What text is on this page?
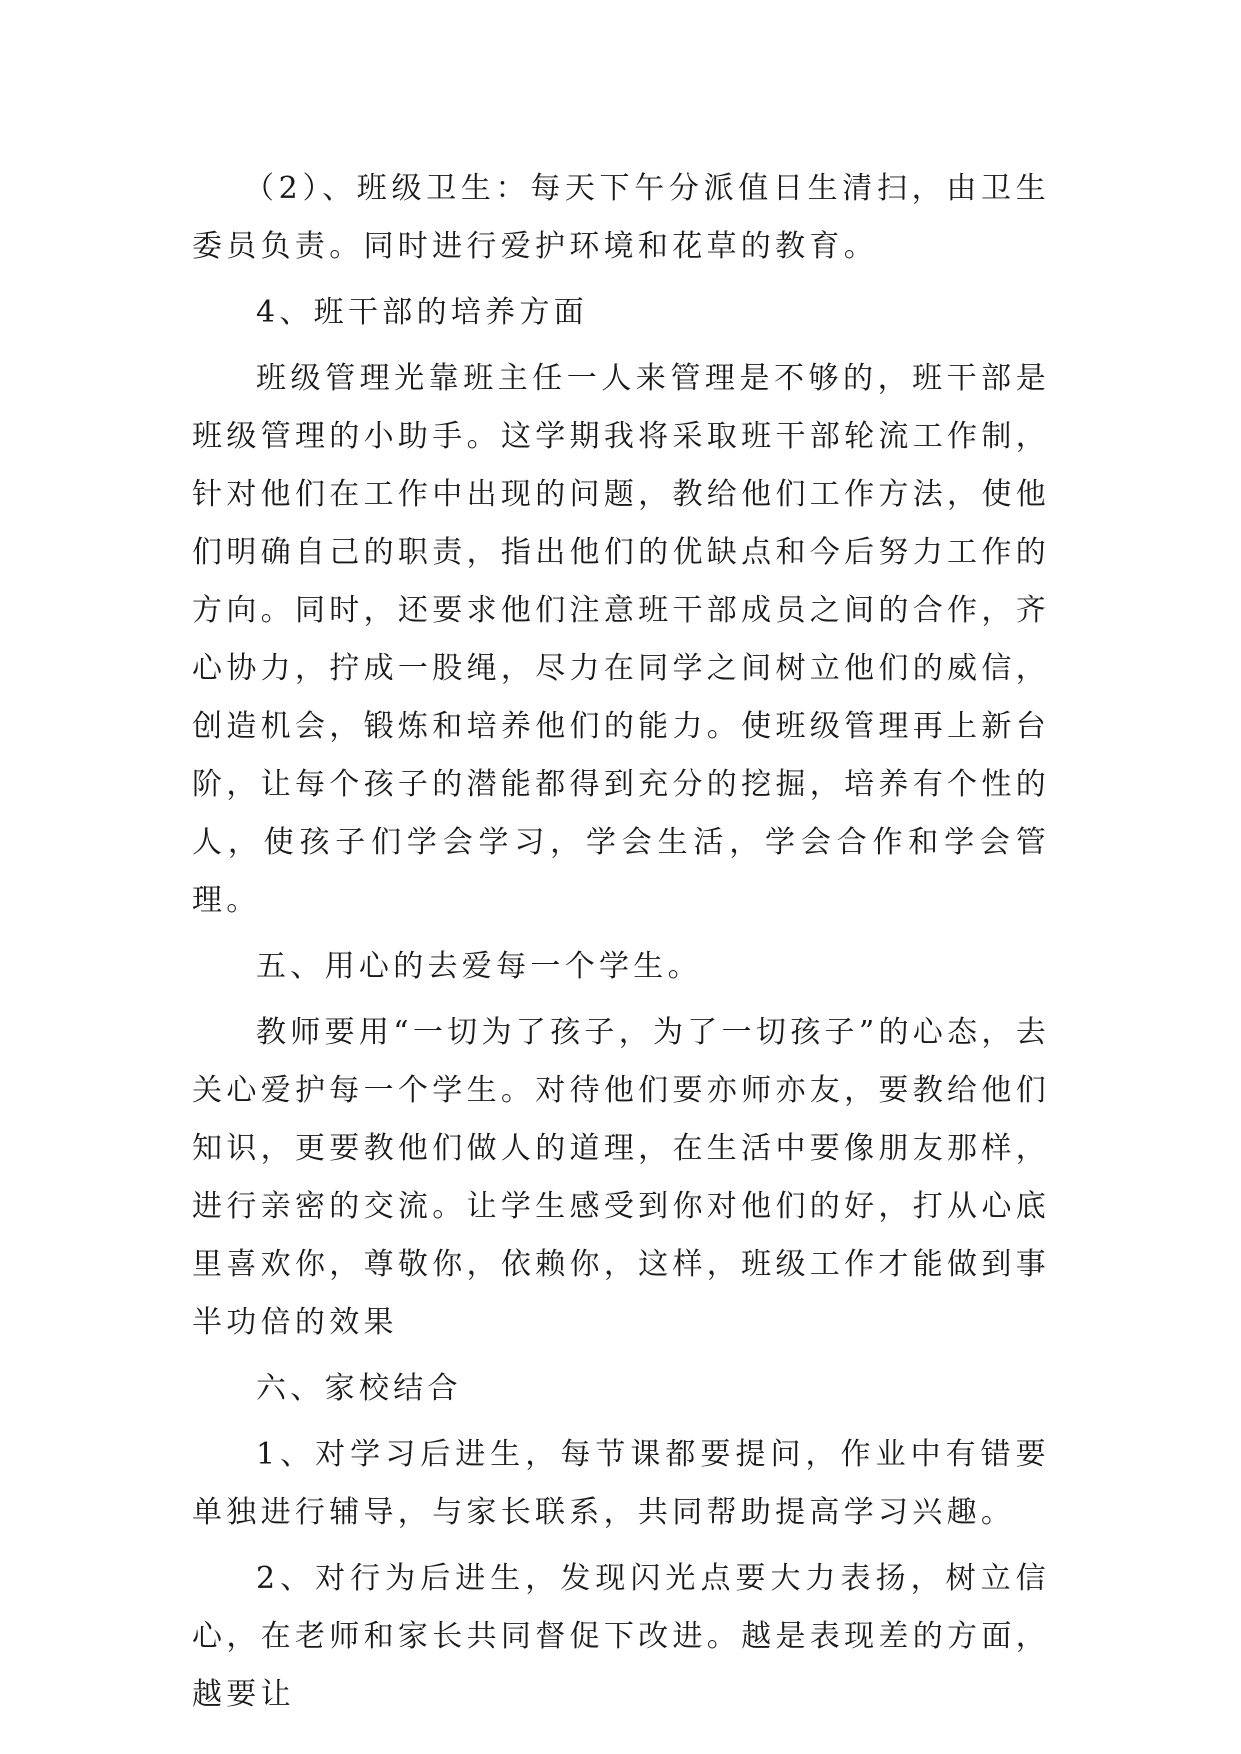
（2）、班级卫生：每天下午分派值日生清扫，由卫生委员负责。同时进行爱护环境和花草的教育。

4、班干部的培养方面

班级管理光靠班主任一人来管理是不够的，班干部是班级管理的小助手。这学期我将采取班干部轮流工作制，针对他们在工作中出现的问题，教给他们工作方法，使他们明确自己的职责，指出他们的优缺点和今后努力工作的方向。同时，还要求他们注意班干部成员之间的合作，齐心协力，拧成一股绳，尽力在同学之间树立他们的威信，创造机会，锻炼和培养他们的能力。使班级管理再上新台阶，让每个孩子的潜能都得到充分的挖掘，培养有个性的人，使孩子们学会学习，学会生活，学会合作和学会管理。

五、用心的去爱每一个学生。

教师要用“一切为了孩子，为了一切孩子”的心态，去关心爱护每一个学生。对待他们要亦师亦友，要教给他们知识，更要教他们做人的道理，在生活中要像朋友那样，进行亲密的交流。让学生感受到你对他们的好，打从心底里喜欢你，尊敬你，依赖你，这样，班级工作才能做到事半功倍的效果

六、家校结合

1、对学习后进生，每节课都要提问，作业中有错要单独进行辅导，与家长联系，共同帮助提高学习兴趣。

2、对行为后进生，发现闪光点要大力表扬，树立信心，在老师和家长共同督促下改进。越是表现差的方面，越要让
